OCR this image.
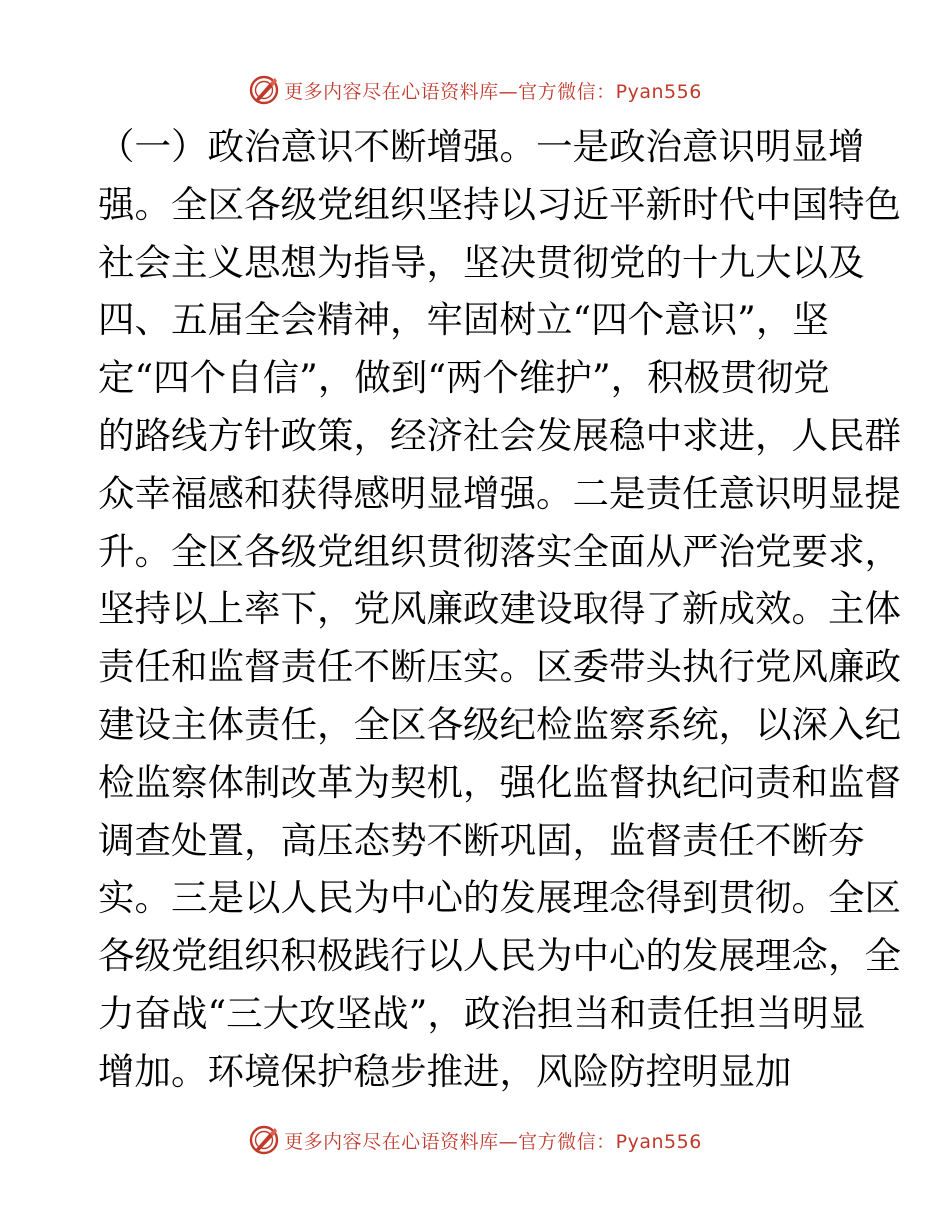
更多内容尽在心语资料库—官方微信：Pyan556
（一）政治意识不断增强。一是政治意识明显增
强。全区各级党组织坚持以习近平新时代中国特色
社会主义思想为指导，坚决贯彻党的十九大以及
四、五届全会精神，牢固树立“四个意识”，坚
定“四个自信”，做到“两个维护”，积极贯彻党
的路线方针政策，经济社会发展稳中求进，人民群
众幸福感和获得感明显增强。二是责任意识明显提
升。全区各级党组织贯彻落实全面从严治党要求，
坚持以上率下，党风廉政建设取得了新成效。主体
责任和监督责任不断压实。区委带头执行党风廉政
建设主体责任，全区各级纪检监察系统，以深入纪
检监察体制改革为契机，强化监督执纪问责和监督
调查处置，高压态势不断巩固，监督责任不断夯
实。三是以人民为中心的发展理念得到贯彻。全区
各级党组织积极践行以人民为中心的发展理念，全
力奋战“三大攻坚战”，政治担当和责任担当明显
增加。环境保护稳步推进，风险防控明显加
更多内容尽在心语资料库—官方微信：Pyan556
